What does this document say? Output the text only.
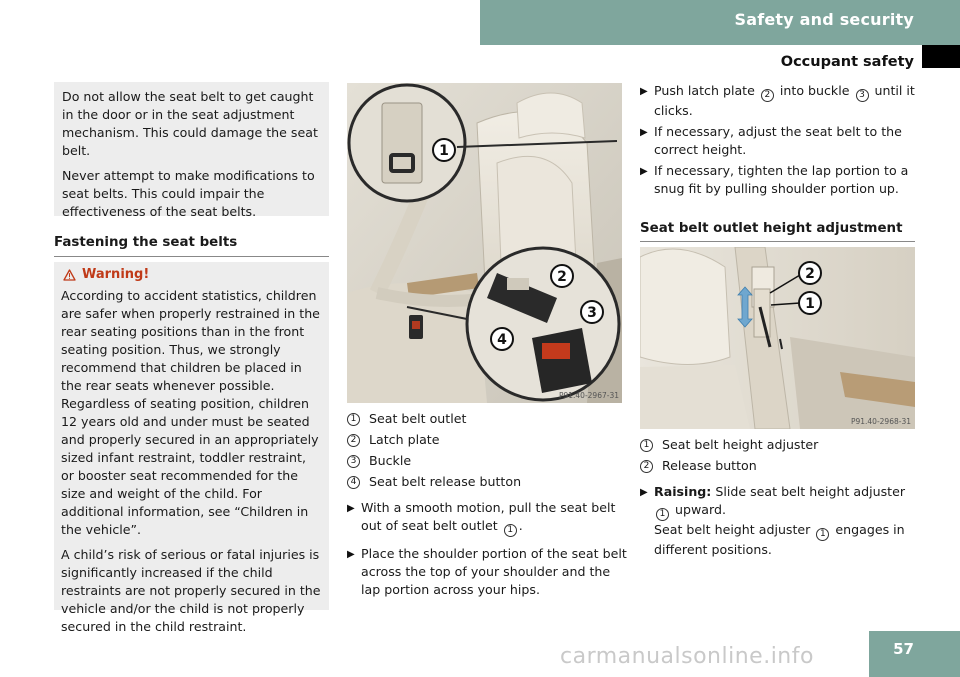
Safety and security
Occupant safety

Do not allow the seat belt to get caught in the door or in the seat adjustment mechanism. This could damage the seat belt.

Never attempt to make modifications to seat belts. This could impair the effectiveness of the seat belts.

Fastening the seat belts
Warning!

According to accident statistics, children are safer when properly restrained in the rear seating positions than in the front seating position. Thus, we strongly recommend that children be placed in the rear seats whenever possible. Regardless of seating position, children 12 years old and under must be seated and properly secured in an appropriately sized infant restraint, toddler restraint, or booster seat recommended for the size and weight of the child. For additional information, see “Children in the vehicle”.

A child’s risk of serious or fatal injuries is significantly increased if the child restraints are not properly secured in the vehicle and/or the child is not properly secured in the child restraint.

1
2
3
4
P91.40-2967-31
1 Seat belt outlet
2 Latch plate
3 Buckle
4 Seat belt release button
▶ With a smooth motion, pull the seat belt out of seat belt outlet 1 .
▶ Place the shoulder portion of the seat belt across the top of your shoulder and the lap portion across your hips.
▶ Push latch plate 2 into buckle 3 until it clicks.
▶ If necessary, adjust the seat belt to the correct height.
▶ If necessary, tighten the lap portion to a snug fit by pulling shoulder portion up.
Seat belt outlet height adjustment
2
1
P91.40-2968-31
1 Seat belt height adjuster
2 Release button
▶ Raising: Slide seat belt height adjuster
1 upward.
Seat belt height adjuster 1 engages in different positions.
carmanualsonline.info	57
